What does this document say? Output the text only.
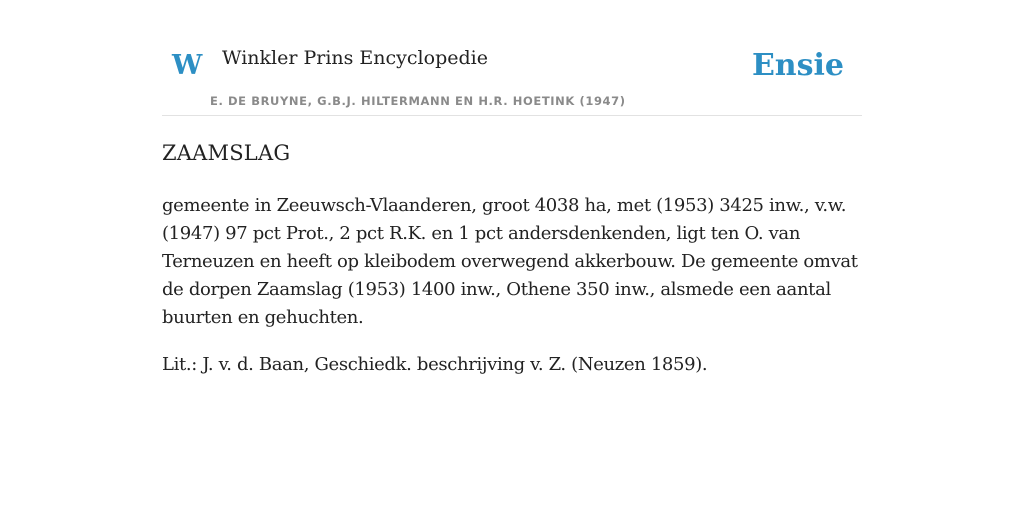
W Winkler Prins Encyclopedie
E. DE BRUYNE, G.B.J. HILTERMANN EN H.R. HOETINK (1947)
Ensie
ZAAMSLAG

gemeente in Zeeuwsch-Vlaanderen, groot 4038 ha, met (1953) 3425 inw., v.w. (1947) 97 pct Prot., 2 pct R.K. en 1 pct andersdenkenden, ligt ten O. van Terneuzen en heeft op kleibodem overwegend akkerbouw. De gemeente omvat de dorpen Zaamslag (1953) 1400 inw., Othene 350 inw., alsmede een aantal buurten en gehuchten.

Lit.: J. v. d. Baan, Geschiedk. beschrijving v. Z. (Neuzen 1859).
